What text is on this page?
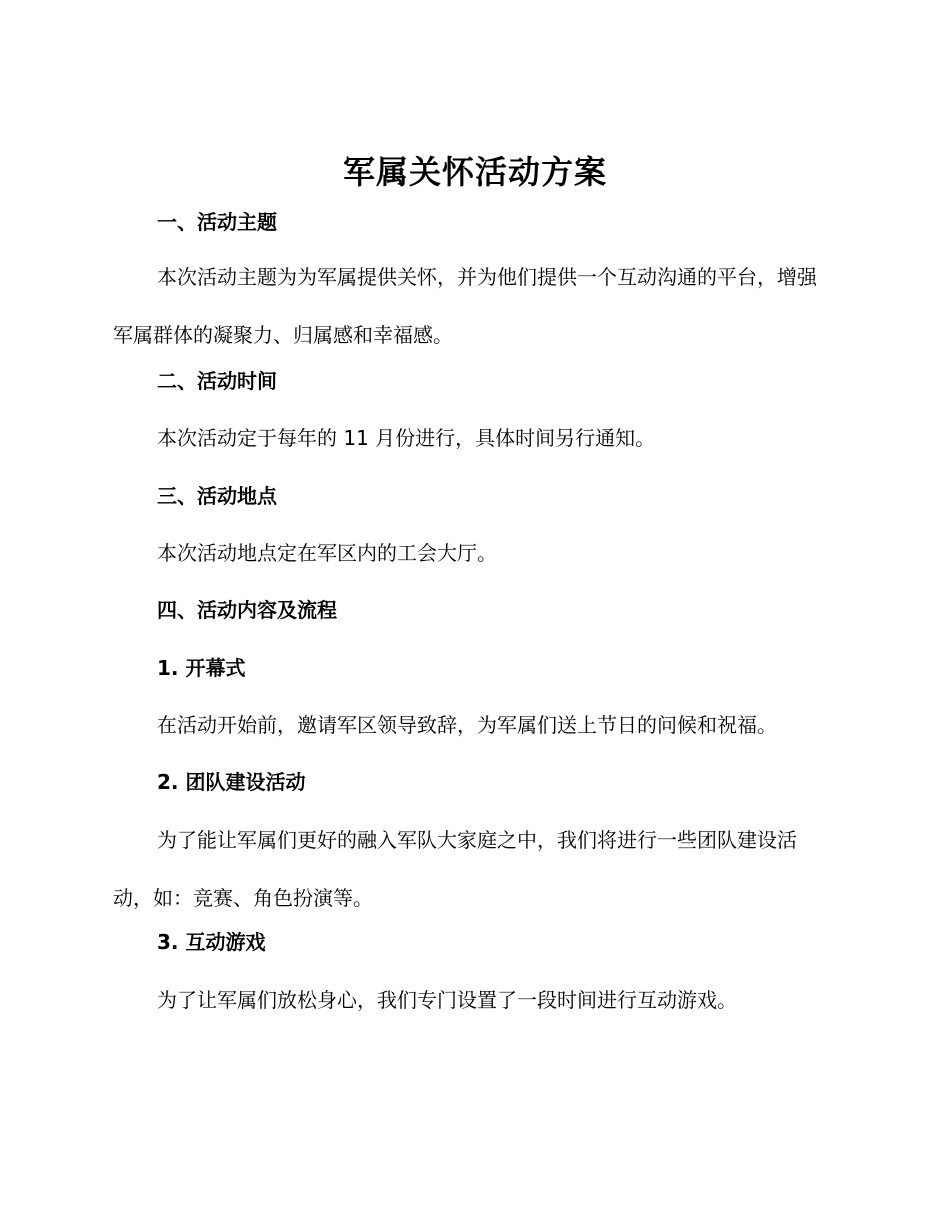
军属关怀活动方案
一、活动主题
本次活动主题为为军属提供关怀，并为他们提供一个互动沟通的平台，增强军属群体的凝聚力、归属感和幸福感。
二、活动时间
本次活动定于每年的 11 月份进行，具体时间另行通知。
三、活动地点
本次活动地点定在军区内的工会大厅。
四、活动内容及流程
1. 开幕式
在活动开始前，邀请军区领导致辞，为军属们送上节日的问候和祝福。
2. 团队建设活动
为了能让军属们更好的融入军队大家庭之中，我们将进行一些团队建设活动，如：竞赛、角色扮演等。
3. 互动游戏
为了让军属们放松身心，我们专门设置了一段时间进行互动游戏。
